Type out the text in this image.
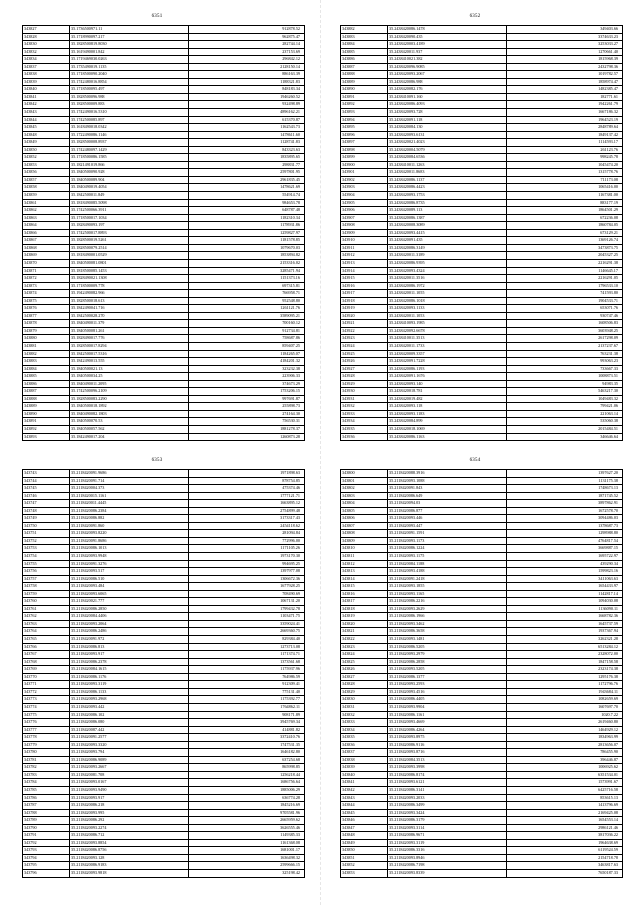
6351
343827	35.1736500971.11	912878.52
343828	35.1718990097.217	962875.47
343830	35.1828500819.8030	282744.14
343832	35.1619490001.842	237153.69
343834	35.1719469030.0263	296842.12
343837	35.1735490019.1135	2128150.14
343838	35.1718500090.2040	886163.39
343839	35.1742480016.8854	1188321.83
343840	35.1718500095.497	848183.34
343841	35.1828500096.988	1946260.52
343842	35.1828500009.883	932498.89
343843	35.1742490016.5310	4896162.21
343844	35.1742500085.897	615370.87
343845	35.1618490018.0342	1162543.73
343848	35.1722490086.1146	1478611.60
343849	35.1828500008.8937	1128741.83
343850	35.1742480097.1429	843323.63
343852	35.1718500086.1585	1835895.65
343853	35.1821491019.866	298831.77
343856	35.1840500090.928	2597801.95
343857	35.1840500089.904	2961835.45
343858	35.1840490019.4054	1478621.69
343859	35.1842500011.849	554914.74
343861	35.1818490085.5098	984653.78
343862	35.1742500066.3911	648787.48
343863	35.1718500017.1034	1182310.34
343864	35.1828490093.197	1178931.86
343866	35.1742500017.8893	1259827.97
343867	35.1828500019.5261	1181578.85
343868	35.1828500079.2514	1079670.03
343869	35.1818490001.0529	1853894.82
343870	35.1840500081.0801	2153316.02
343871	35.1818500085.1453	3285471.94
343872	35.1828490021.1308	1151373.16
343873	35.1718500009.778	697315.81
343874	35.1942490082.966	766958.71
343875	35.1828500018.613	952548.80
343876	35.1842490041.716	1261121.76
343877	35.1842500028.270	3589095.21
343878	35.1840490011.379	700160.12
343879	35.1840500081.261	912734.81
343880	35.1828490017.776	758687.86
343881	35.1828500017.8294	859407.25
343882	35.1842500017.5316	1184265.07
343883	35.1842490013.555	4184201.32
343884	35.1840500021.13	323232.38
343885	35.1840500034.25	223906.33
343886	35.1840490011.2095	374673.29
343887	35.1742500096.2109	1753206.15
343888	35.1828500083.2290	997691.87
343889	35.1840500018.1892	255898.73
343890	35.1840490082.1803	274164.30
343891	35.1840500070.53	756530.31
343892	35.1840500057.562	1881278.37
343893	35.1842490017.204	1260873.28
6352
343882	35.2438420086.1478	349403.66
343883	35.2438420090.435	3374633.23
343884	35.2438420003.4189	3253033.27
343885	35.2438420011.937	1270661.40
343886	35.2438410021.382	1815968.39
343887	35.2438420096.9085	2432798.36
343888	35.2438420093.2067	1019782.57
343889	35.2438420086.988	1858974.47
343890	35.2438420082.176	1482385.47
343891	35.2438410091.160	182771.61
343892	35.2438420086.4093	1942261.79
343893	35.2438420093.728	1667186.32
343894	35.2438420091.118	1964523.19
343895	35.2438420084.130	2848789.64
343896	35.2438420093.6131	1849137.42
343897	35.2438420021.4023	1114593.17
343898	35.2438420004.5079	261123.76
343899	35.2438420084.6536	998245.78
343900	35.2438410011.1263	1045474.20
343901	35.2438420011.8683	1315778.76
343902	35.2438420086.1137	711173.08
343903	35.2438420086.4423	1065416.00
343904	35.2438420093.1753	1167381.00
343905	35.2438420086.8735	883177.19
343906	35.2438420089.113	1864501.29
343907	35.2438420086.1387	672236.08
343908	35.2438420008.3089	1860784.05
343909	35.2438420093.4415	673129.21
343910	35.2438420091.435	1369126.74
343911	35.2438420086.3149	3473873.75
343912	35.2438420011.3189	2045327.25
343913	35.2438420086.9395	2216291.38
343914	35.2438420093.4324	1146645.17
343915	35.2438420011.3516	2216291.05
343916	35.2438420086.1972	1796533.10
343917	35.2438420011.1055	741593.80
343918	35.2438420086.1018	1904533.71
343919	35.2438420093.1133	653071.76
343920	35.2438420011.1053	930747.46
343921	35.2438410093.1985	1608506.83
343922	35.2438420092.6678	3603948.25
343923	35.2438410011.3513	2617298.09
343924	35.2438420011.1733	2137237.67
343925	35.2438420009.3357	763231.38
343926	35.2438420091.7228	993063.23
343927	35.2438420086.1193	733667.33
343928	35.2438420091.1676	1008873.51
343929	35.2438420093.140	94983.35
343930	35.2438420018.781	5463217.30
343931	35.2438420019.482	1049483.32
343932	35.2438420093.118	799421.06
343933	35.2438420093.1183	221063.14
343934	35.2438420084.899	535060.38
343935	35.2438420018.1069	2015484.51
343936	35.2438420086.1163	346646.64
6353
343743	35.2118420091.9686	1971898.63
343744	35.2118420091.714	878754.85
343745	35.2118420004.373	475374.46
343746	35.2118420015.1161	1777121.71
343747	35.2118420011.4445	1663895.12
343748	35.2118420086.2384	2754899.48
343749	35.2118420086.882	3173317.43
343750	35.2118420091.860	2454118.62
343751	35.2118420093.8220	281094.84
343752	35.2118420091.8686	772996.00
343753	35.2118420086.1013	1171105.26
343754	35.2118420093.9948	1973170.30
343755	35.2118420091.3276	994695.25
343756	35.2118420093.517	1397977.08
343757	35.2118420086.510	1306672.36
343758	35.2118420093.484	1677928.25
343759	35.2118420093.6065	708490.69
343760	35.2118420021.777	1067131.20
343761	35.2118420086.2850	1799432.78
343762	35.2118420084.4406	1103471.75
343763	35.2118420093.2064	3359024.41
343764	35.2118420086.2486	2669360.75
343765	35.2118420091.972	829384.40
343766	35.2118420086.813	1273713.08
343767	35.2118420093.917	1171374.71
343768	35.2118420086.2378	1373561.68
343769	35.2118420084.1615	1175937.96
343770	35.2118420086.1176	764986.59
343771	35.2118420093.3119	912309.41
343772	35.2118420086.1133	775131.40
343773	35.2118420093.2968	1175392.77
343774	35.2118420093.442	1764862.11
343775	35.2118420086.102	908171.89
343776	35.2118420086.080	3945769.34
343777	35.2118420087.442	414881.82
343778	35.2118420091.2577	3372410.76
343779	35.2118420093.3320	1747531.35
343780	35.2118420093.794	1646182.80
343781	35.2118420086.9089	637254.68
343782	35.2118420093.2667	865998.85
343783	35.2118420081.708	1256218.44
343784	35.2118420093.0167	1686756.64
343785	35.2118420093.9490	1885006.29
343786	35.2118420093.917	636774.28
343787	35.2118420086.218	1845216.69
343788	35.2118420093.995	9705581.96
343789	35.2118420086.292	2665959.62
343790	35.2118420093.2274	3626555.46
343791	35.2118420086.712	1149385.33
343792	35.2118420093.8854	1161368.08
343793	35.2118420086.8756	1681001.17
343794	35.2118420093.128	1636498.32
343795	35.2118420086.9183	2599666.15
343796	35.2118420093.9818	325198.42
6354
343800	35.2118420088.3916	1397627.20
343801	35.2118420093.1088	1131175.38
343802	35.2118420091.843	1748673.13
343803	35.2118420086.649	1871745.52
343804	35.2118420094.03	3897862.91
343805	35.2118420086.877	1672578.70
343806	35.2118420093.446	3094486.03
343807	35.2118420093.447	1378687.73
343808	35.2118420091.1591	1298988.80
343809	35.2118420093.1173	4764817.54
343810	35.2118420086.1224	3669887.15
343811	35.2118420093.1175	1695722.97
343812	35.2118420084.1188	439290.34
343813	35.2118420093.4188	1599823.16
343814	35.2118420091.2418	3411063.63
343815	35.2118420093.1855	1654433.97
343816	35.2118420093.1165	1142817.14
343817	35.2118420086.2216	1094030.08
343818	35.2118420093.2629	1136090.11
343819	35.2118420086.1966	1668782.36
343820	35.2118420093.3462	1645737.59
343821	35.2118420086.3658	1937367.94
343822	35.2118420093.1481	3262321.28
343823	35.2118420086.5205	6513284.12
343824	35.2118420093.2979	2328072.00
343825	35.2118420086.2858	1847158.58
343826	35.2118420093.5205	2323174.38
343827	35.2118420086.1377	1295176.38
343828	35.2118420093.2593	1172796.76
343829	35.2118420093.4516	1943684.11
343830	35.2118420086.4405	1082659.69
343831	35.2118420093.9904	1607697.70
343832	35.2118420086.1161	1020.7.22
343833	35.2118420093.4669	2619460.80
343834	35.2118420086.4264	1464929.12
343835	35.2118420093.8975	1834963.99
343836	35.2118420086.9116	2813656.07
343837	35.2118420093.8716	786455.90
343838	35.2118420084.3513	396446.87
343839	35.2118420093.3998	1006925.62
343840	35.2118420086.8174	6351534.01
343841	35.2118420093.6121	1573991.67
343842	35.2118420086.3141	6425716.58
343843	35.2118420093.2033	853615.13
343844	35.2118420086.3499	1413796.69
343845	35.2118420093.3424	2169425.08
343846	35.2118420086.3179	1654553.14
343847	35.2118420093.3114	2986121.46
343848	35.2118420086.9671	3817036.22
343849	35.2118420093.3119	1964638.69
343850	35.2118420086.3316	6119524.59
343851	35.2118420093.8946	2154718.78
343852	35.2118420086.7198	3463817.63
343853	35.2118420093.8339	7650187.33
